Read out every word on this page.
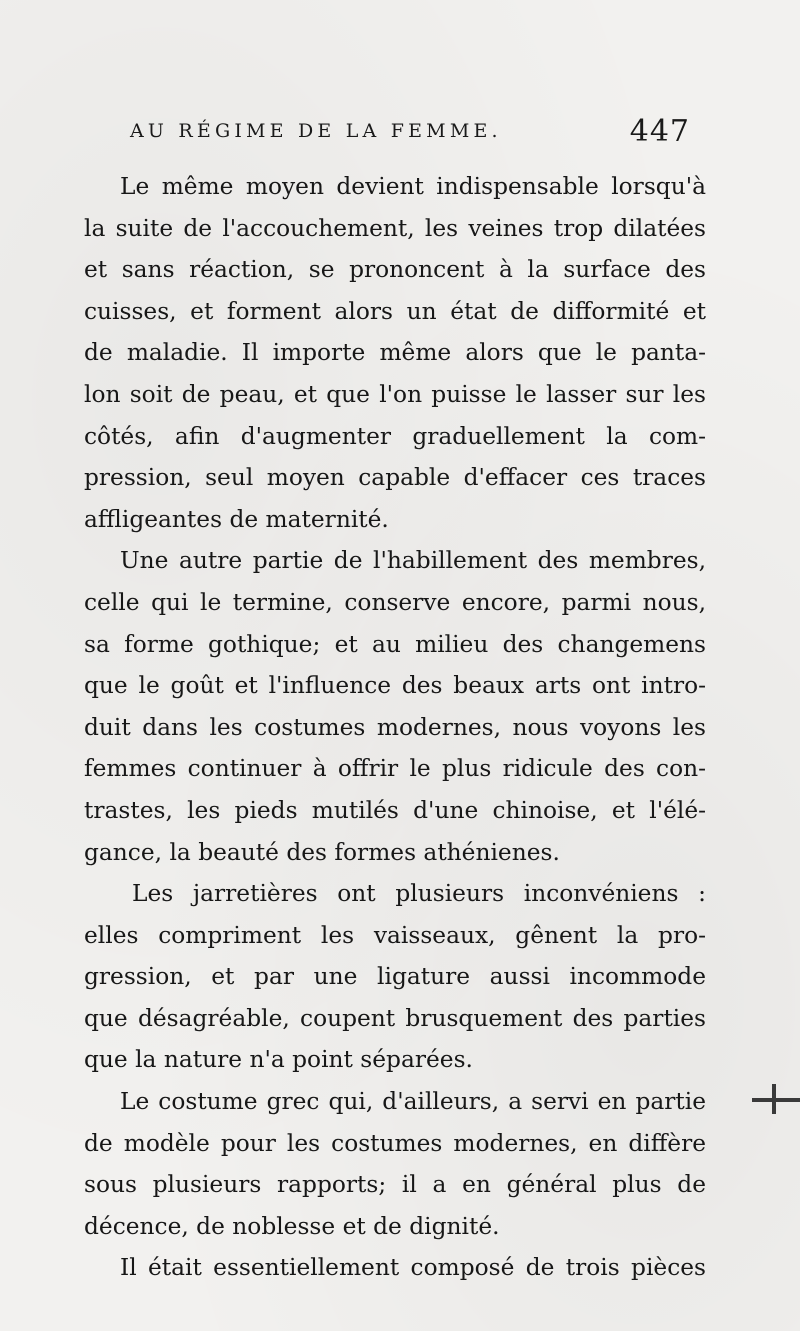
AU RÉGIME DE LA FEMME.	447
Le même moyen devient indispensable lorsqu'à
la suite de l'accouchement, les veines trop dilatées
et sans réaction, se prononcent à la surface des
cuisses, et forment alors un état de difformité et
de maladie. Il importe même alors que le panta-
lon soit de peau, et que l'on puisse le lasser sur les
côtés, afin d'augmenter graduellement la com-
pression, seul moyen capable d'effacer ces traces
affligeantes de maternité.
Une autre partie de l'habillement des membres,
celle qui le termine, conserve encore, parmi nous,
sa forme gothique; et au milieu des changemens
que le goût et l'influence des beaux arts ont intro-
duit dans les costumes modernes, nous voyons les
femmes continuer à offrir le plus ridicule des con-
trastes, les pieds mutilés d'une chinoise, et l'élé-
gance, la beauté des formes athénienes.
Les jarretières ont plusieurs inconvéniens :
elles compriment les vaisseaux, gênent la pro-
gression, et par une ligature aussi incommode
que désagréable, coupent brusquement des parties
que la nature n'a point séparées.
Le costume grec qui, d'ailleurs, a servi en partie
de modèle pour les costumes modernes, en diffère
sous plusieurs rapports; il a en général plus de
décence, de noblesse et de dignité.
Il était essentiellement composé de trois pièces
